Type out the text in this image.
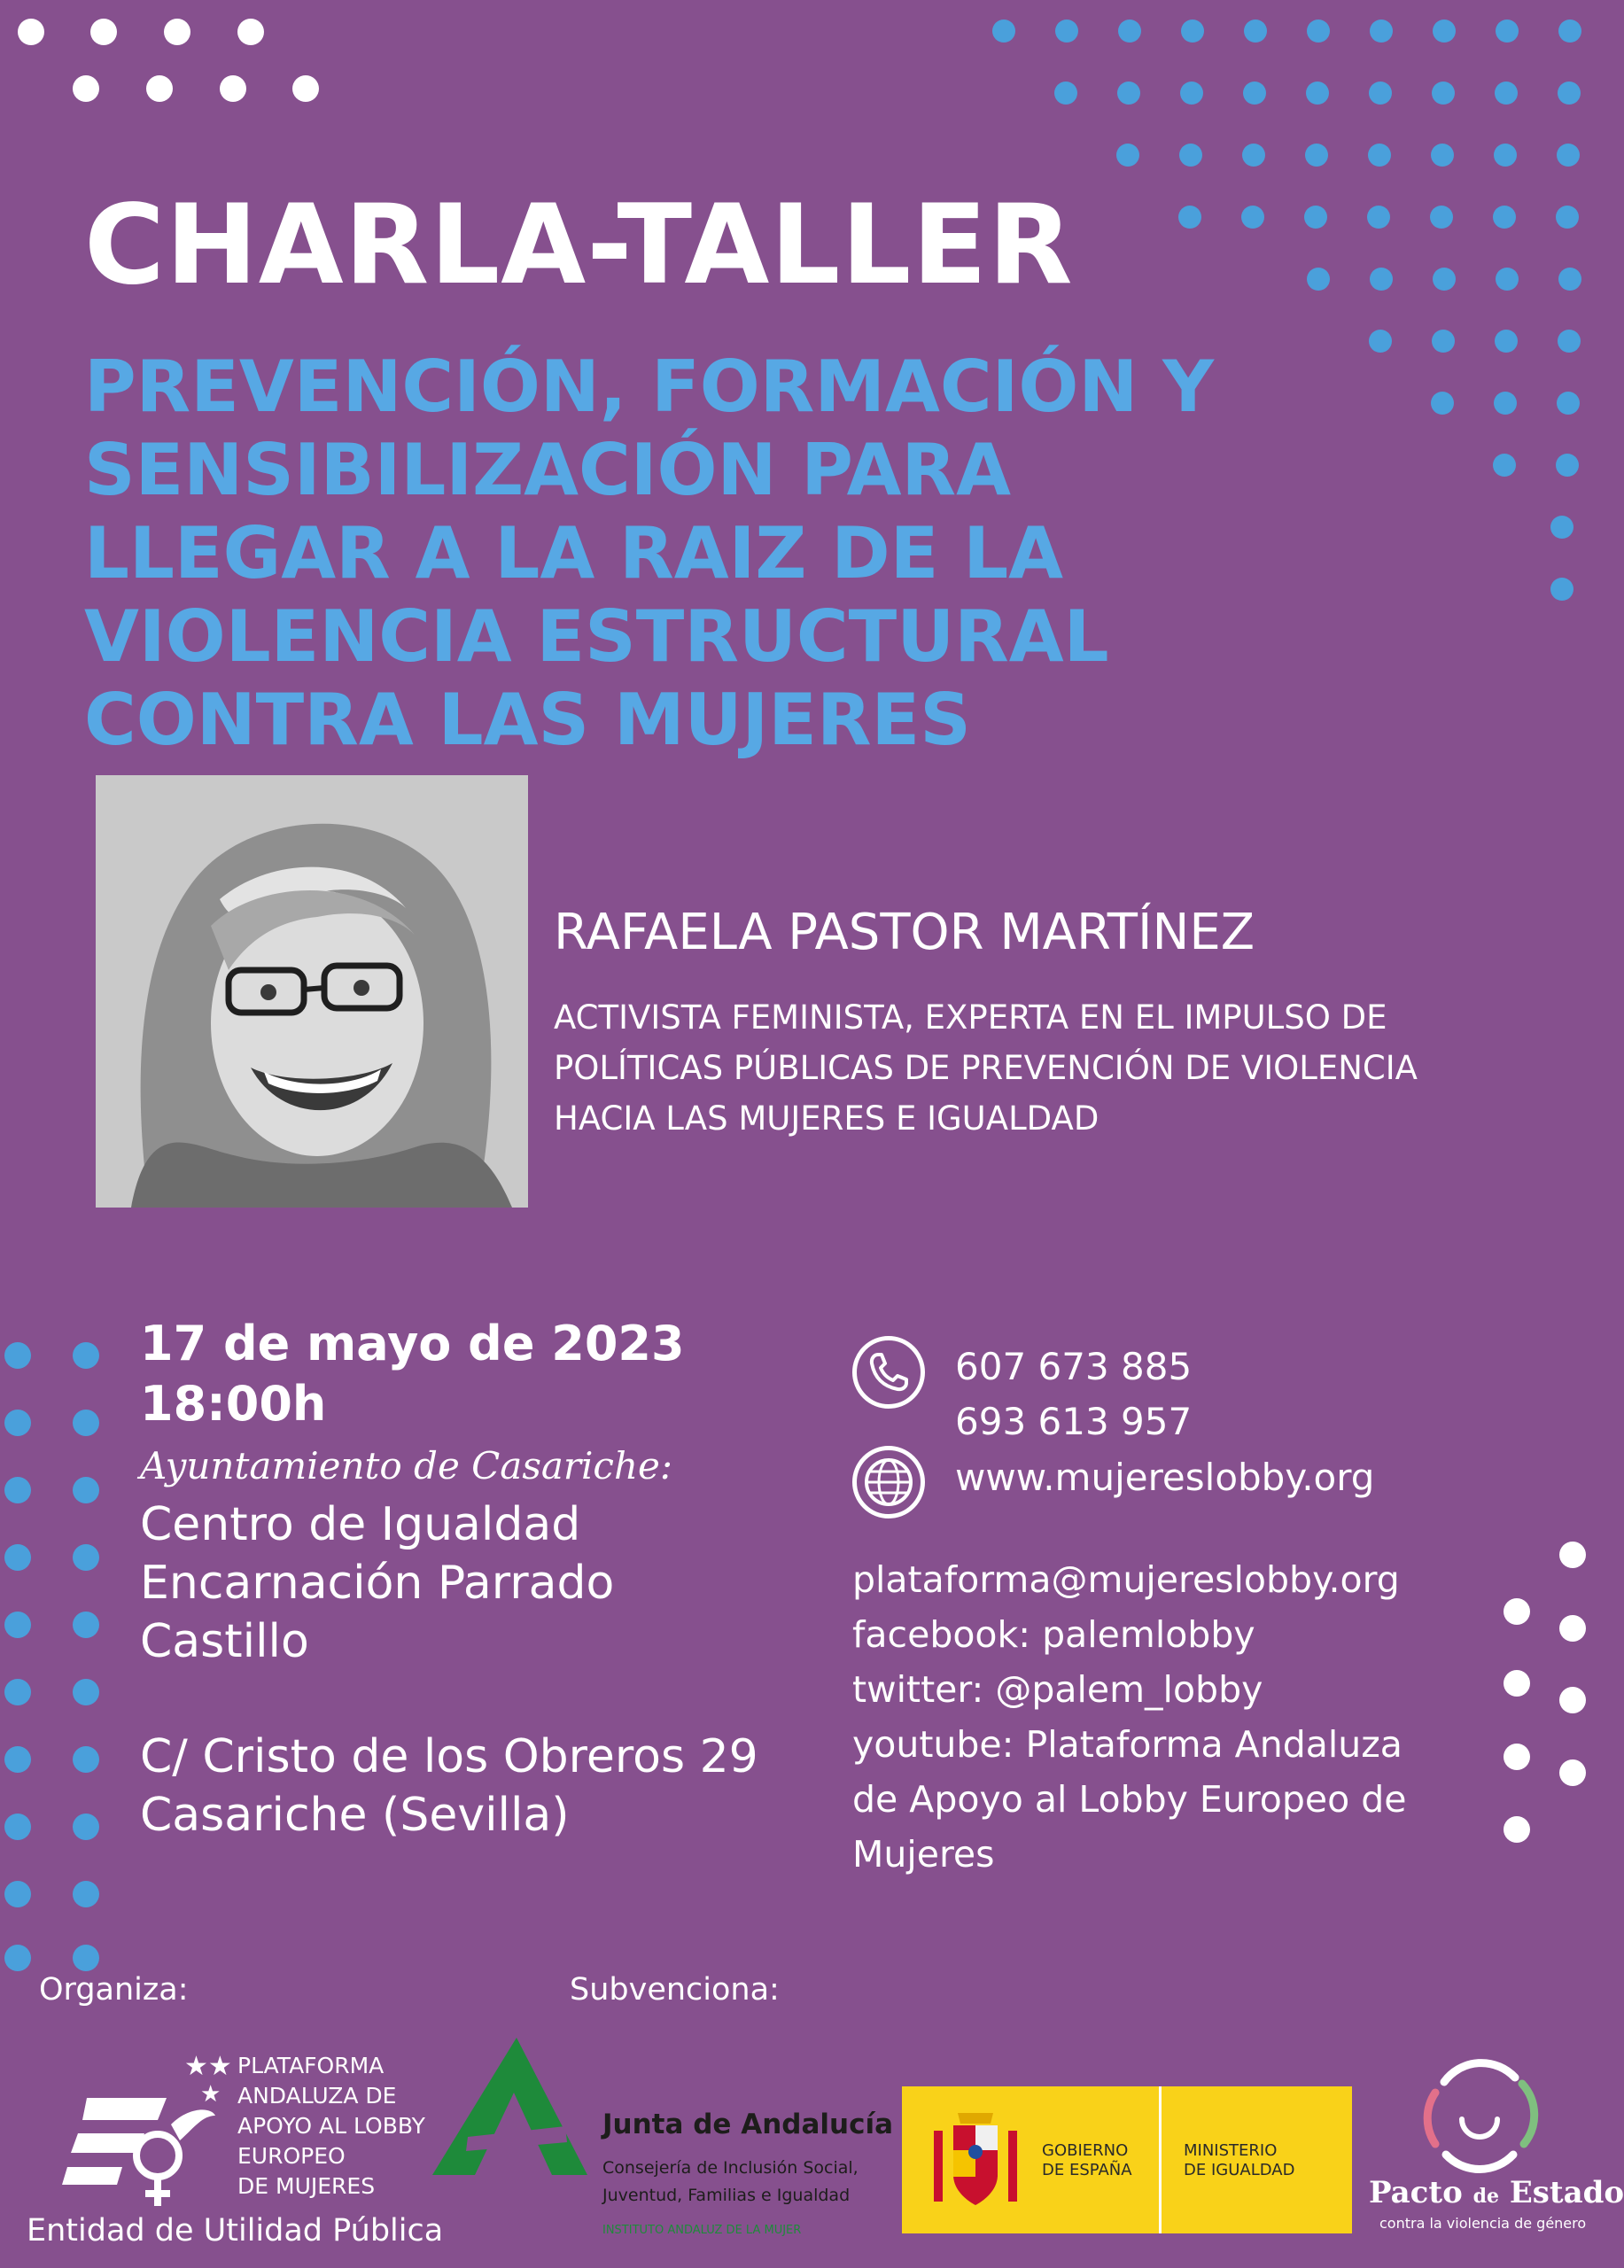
CHARLA-TALLER
PREVENCIÓN, FORMACIÓN Y
SENSIBILIZACIÓN PARA
LLEGAR A LA RAIZ DE LA
VIOLENCIA ESTRUCTURAL
CONTRA LAS MUJERES
RAFAELA PASTOR MARTÍNEZ
ACTIVISTA FEMINISTA, EXPERTA EN EL IMPULSO DE
POLÍTICAS PÚBLICAS DE PREVENCIÓN DE VIOLENCIA
HACIA LAS MUJERES E IGUALDAD
17 de mayo de 2023
18:00h
Ayuntamiento de Casariche:
Centro de Igualdad
Encarnación Parrado
Castillo
C/ Cristo de los Obreros 29
Casariche (Sevilla)
607 673 885
693 613 957
www.mujereslobby.org
plataforma@mujereslobby.org
facebook: palemlobby
twitter: @palem_lobby
youtube: Plataforma Andaluza
de Apoyo al Lobby Europeo de
Mujeres
Organiza:	Subvenciona:
★★
★
PLATAFORMA
ANDALUZA DE
APOYO AL LOBBY
EUROPEO
DE MUJERES
Entidad de Utilidad Pública
Junta de Andalucía
Consejería de Inclusión Social,
Juventud, Familias e Igualdad
INSTITUTO ANDALUZ DE LA MUJER
GOBIERNO
DE ESPAÑA
MINISTERIO
DE IGUALDAD
Pacto de Estado
contra la violencia de género
